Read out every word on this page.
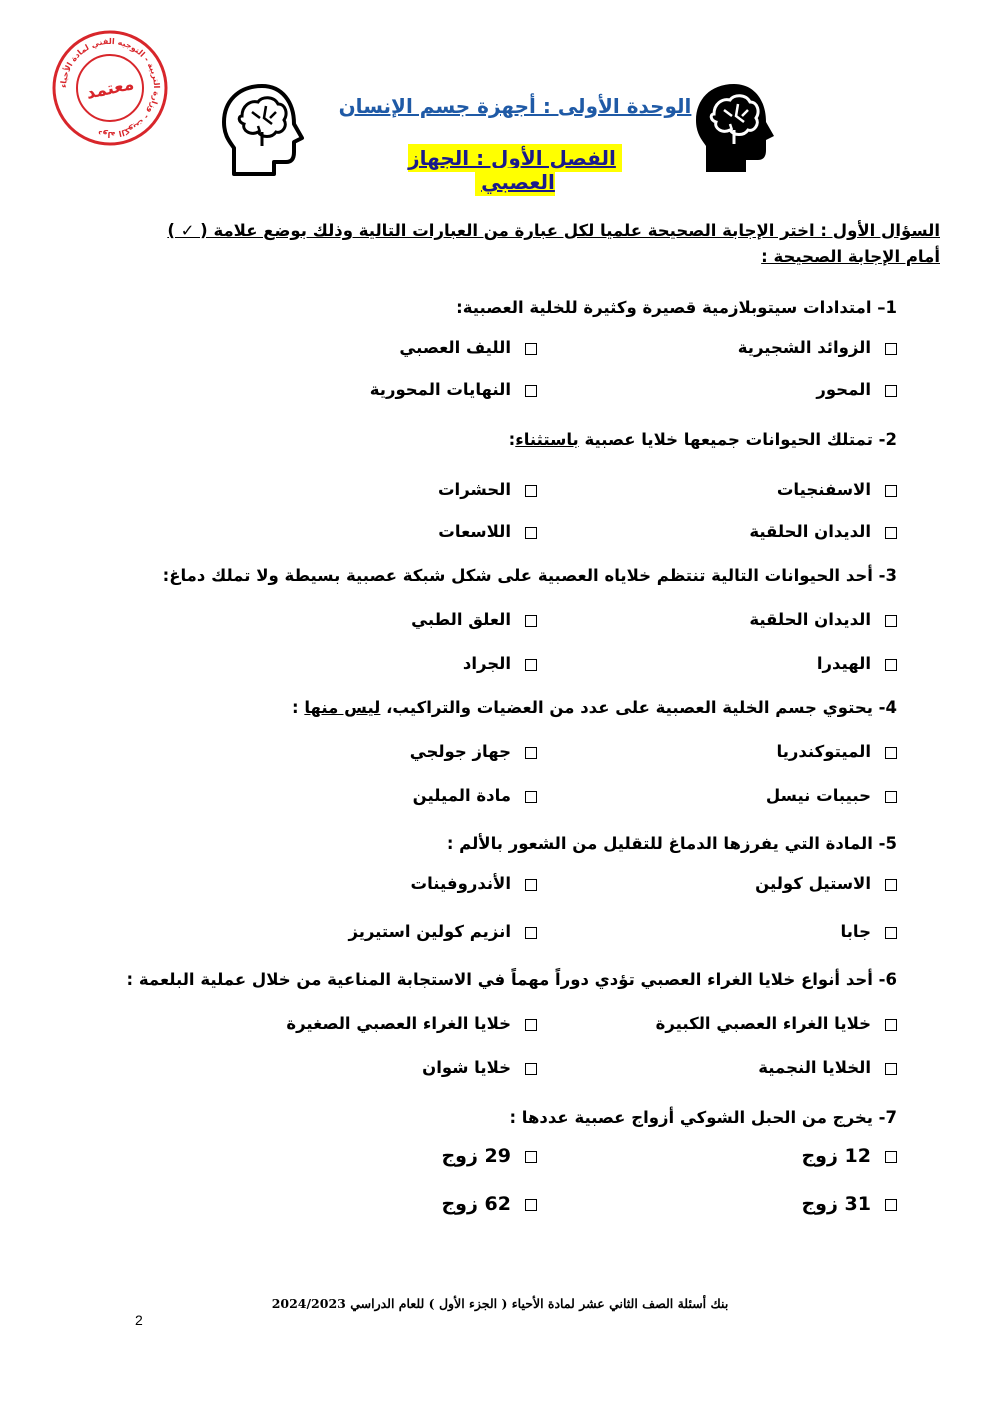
دولة الكويت - وزارة التربية - التوجيه الفني لمادة الأحياء
معتمد
الوحدة الأولى : أجهزة جسم الإنسان
الفصل الأول : الجهاز العصبي
السؤال الأول : اختر الإجابة الصحيحة علميا لكل عبارة من العبارات التالية وذلك بوضع علامة ( ✓ ) أمام الإجابة الصحيحة :
1– امتدادات سيتوبلازمية قصيرة وكثيرة للخلية العصبية:
الزوائد الشجيرية
الليف العصبي
المحور
النهايات المحورية
2- تمتلك الحيوانات جميعها خلايا عصبية باستثناء:
الاسفنجيات
الحشرات
الديدان الحلقية
اللاسعات
3- أحد الحيوانات التالية تنتظم خلاياه العصبية على شكل شبكة عصبية بسيطة ولا تملك دماغ:
الديدان الحلقية
العلق الطبي
الهيدرا
الجراد
4- يحتوي جسم الخلية العصبية على عدد من العضيات والتراكيب، ليس منها :
الميتوكندريا
جهاز جولجي
حبيبات نيسل
مادة الميلين
5- المادة التي يفرزها الدماغ للتقليل من الشعور بالألم :
الاستيل كولين
الأندروفينات
جابا
انزيم كولين استيريز
6- أحد أنواع خلايا الغراء العصبي تؤدي دوراً مهماً في الاستجابة المناعية من خلال عملية البلعمة :
خلايا الغراء العصبي الكبيرة
خلايا الغراء العصبي الصغيرة
الخلايا النجمية
خلايا شوان
7- يخرج من الحبل الشوكي أزواج عصبية عددها :
12 زوج
29 زوج
31 زوج
62 زوج
بنك أسئلة الصف الثاني عشر لمادة الأحياء ( الجزء الأول ) للعام الدراسي 2024/2023
2
